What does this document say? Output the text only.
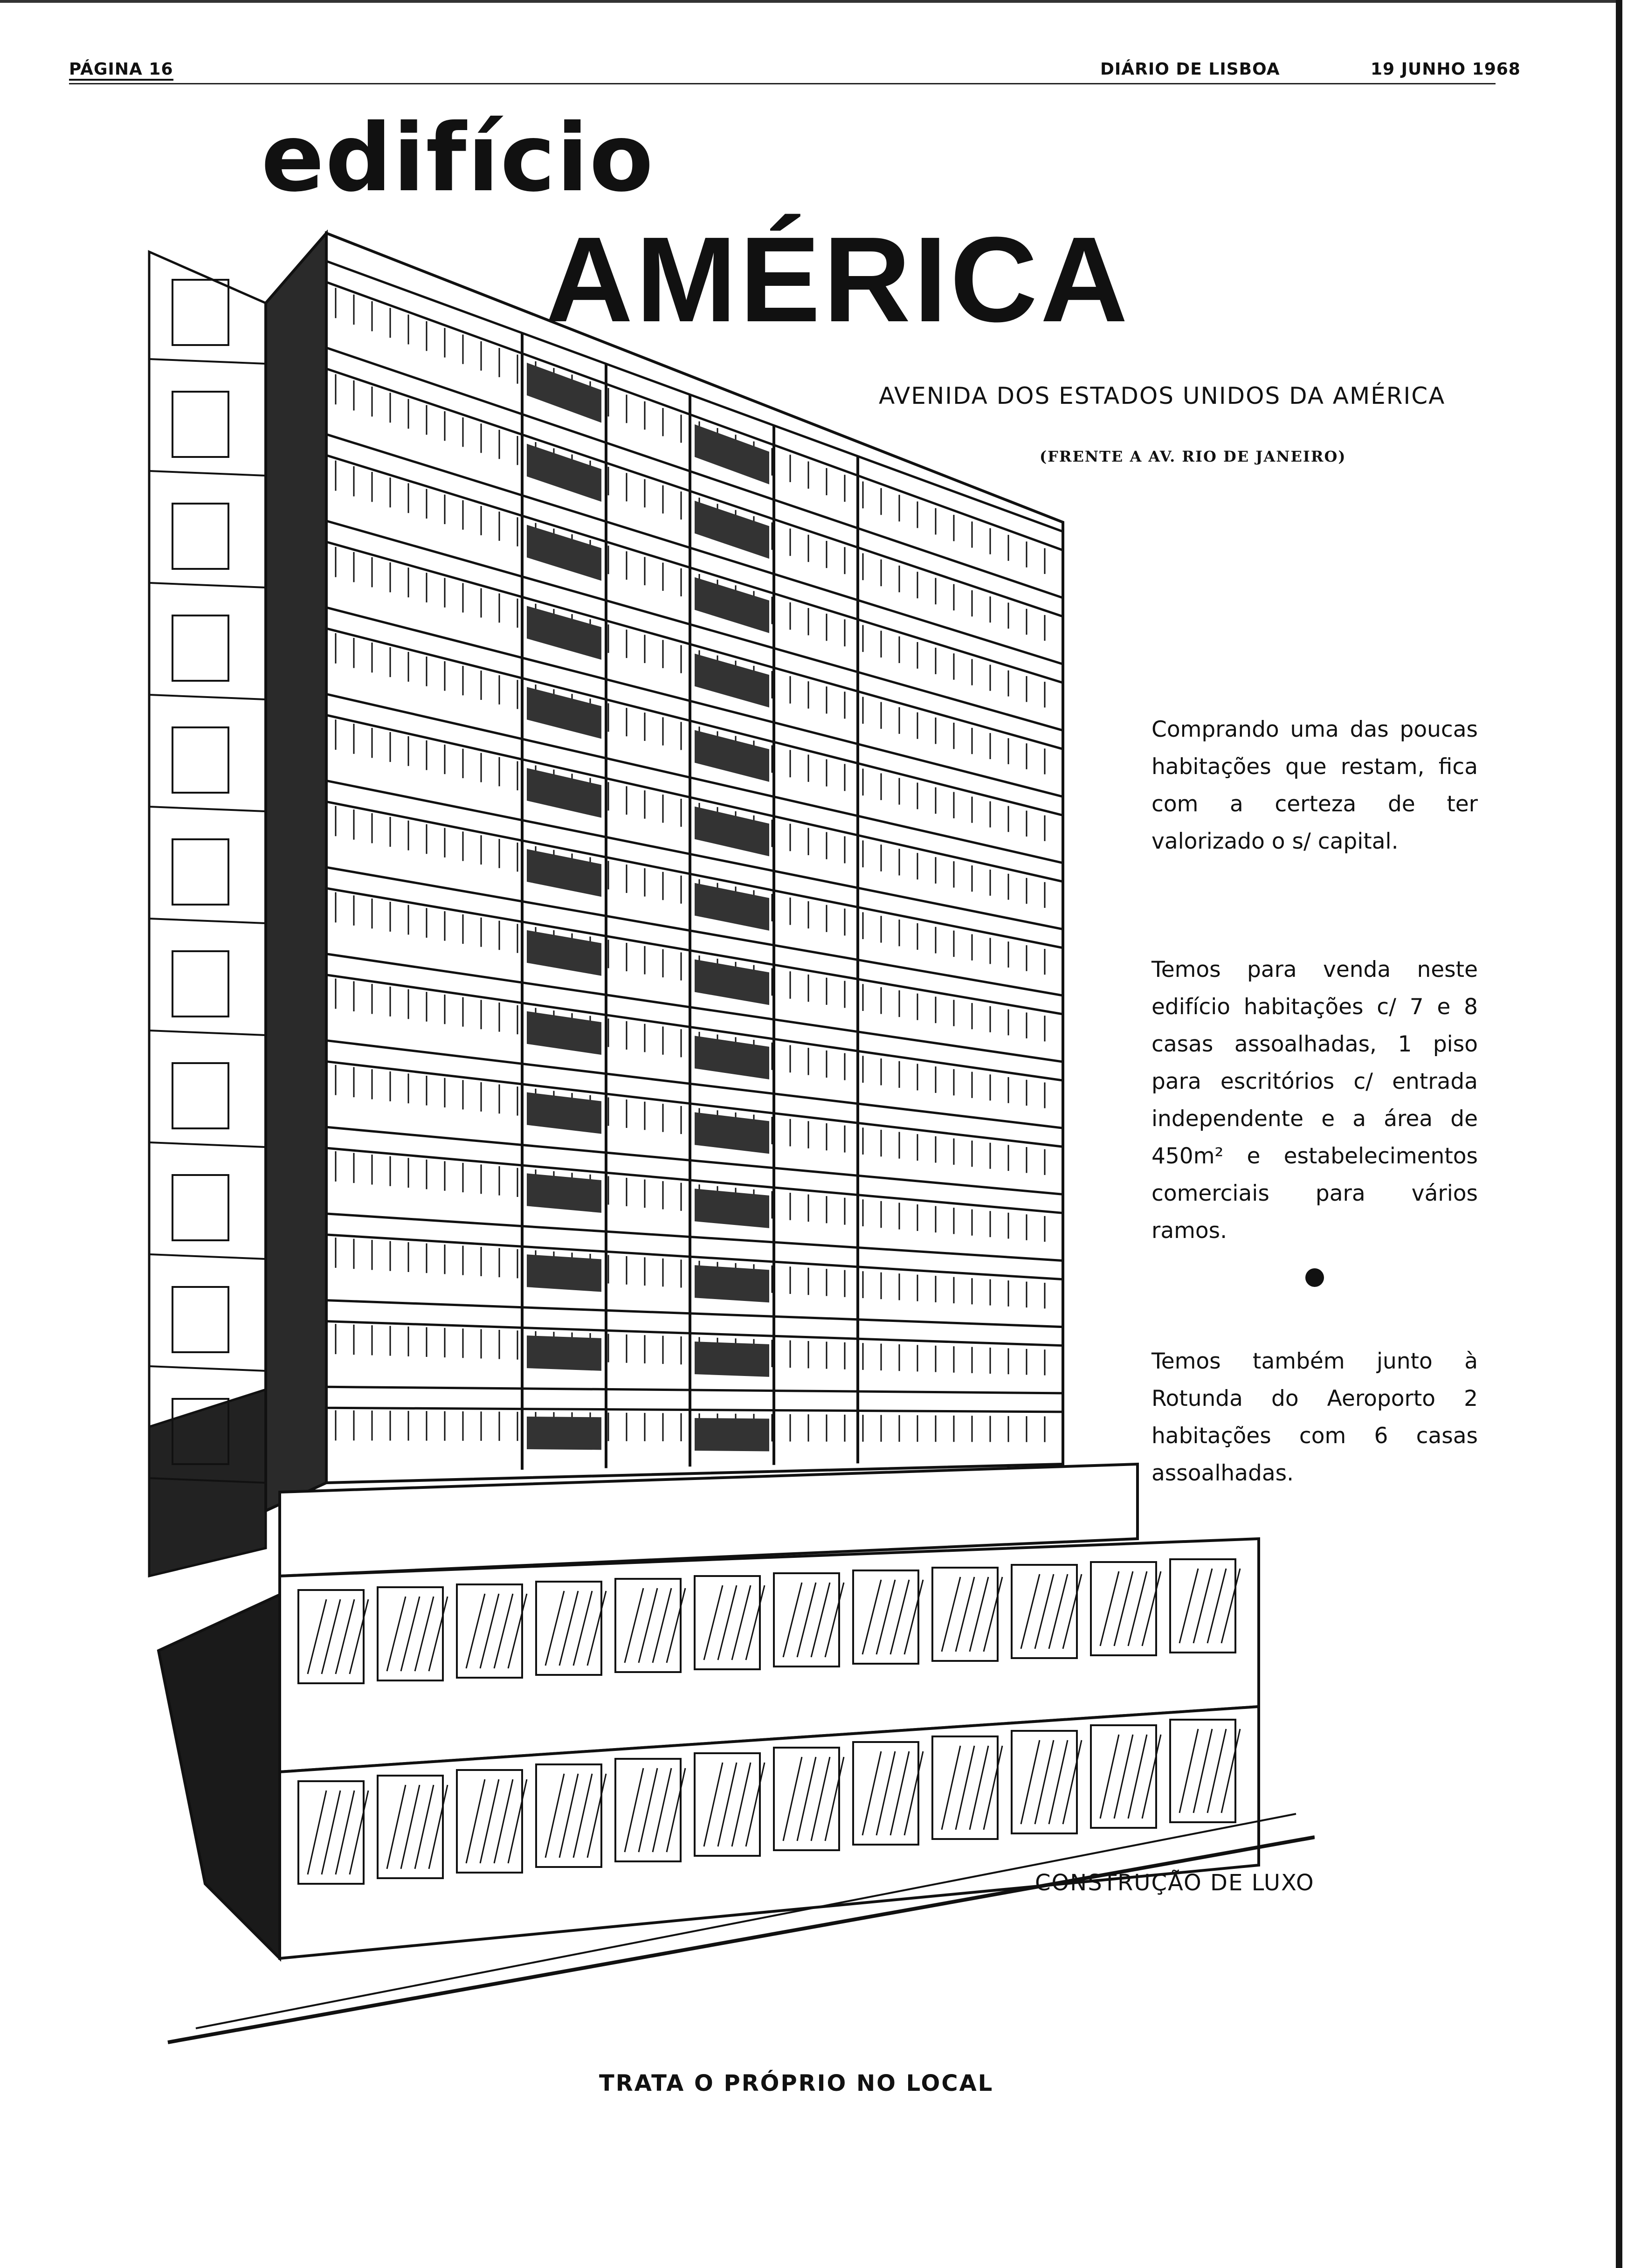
PÁGINA 16	DIÁRIO DE LISBOA	19 JUNHO 1968
edifício
AMÉRICA
AVENIDA DOS ESTADOS UNIDOS DA AMÉRICA
(FRENTE A AV. RIO DE JANEIRO)
Comprando uma das poucas habitações que restam, fica com a certeza de ter valorizado o s/ capital.
Temos para venda neste edifício habitações c/ 7 e 8 casas assoalhadas, 1 piso para escritórios c/ entrada independente e a área de 450m² e estabelecimentos comerciais para vários ramos.
Temos também junto à Rotunda do Aeroporto 2 habitações com 6 casas assoalhadas.
CONSTRUÇÃO DE LUXO
TRATA O PRÓPRIO NO LOCAL
